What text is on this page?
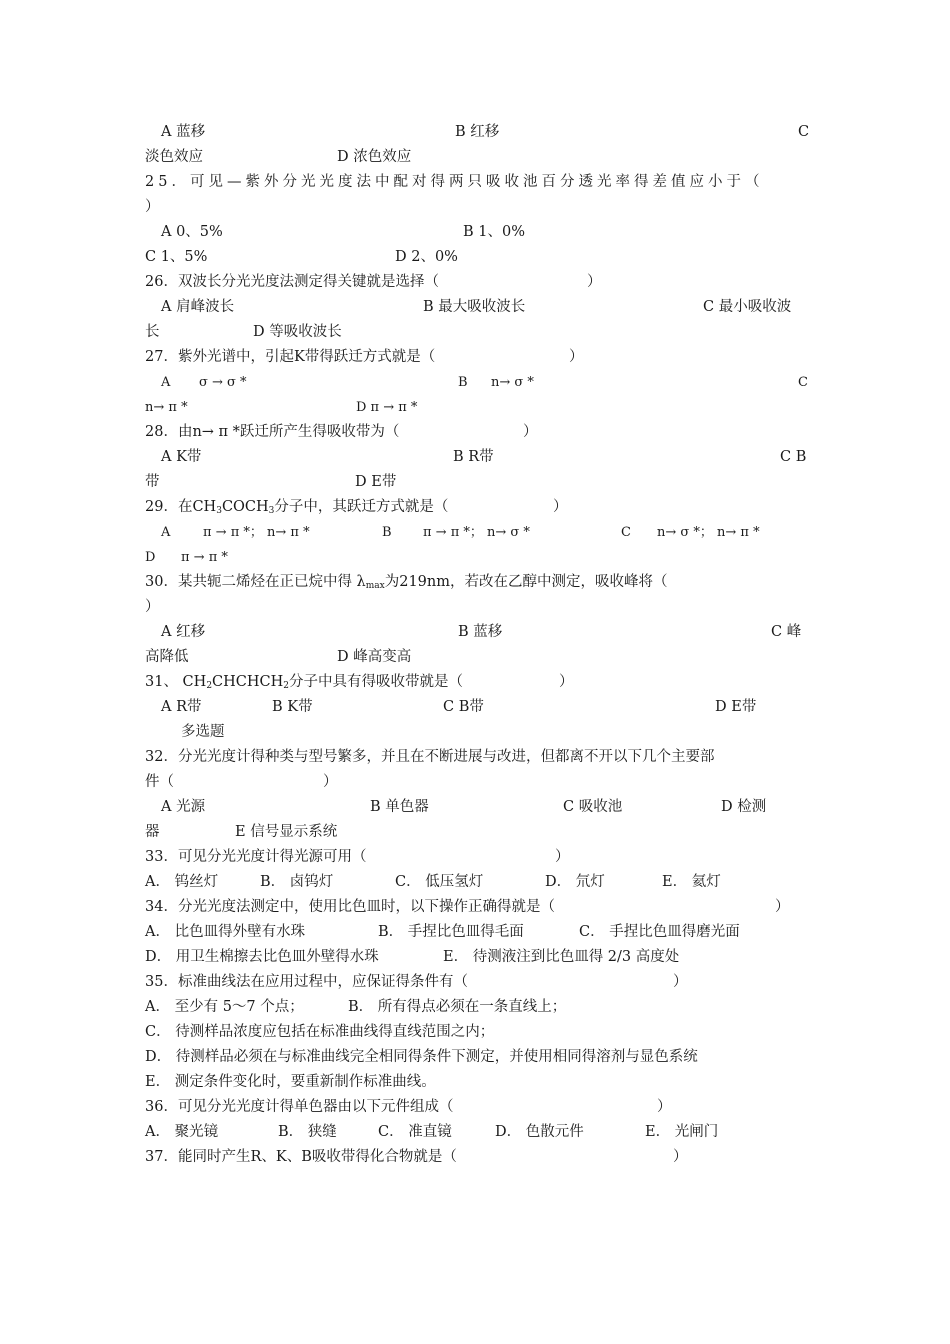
A 蓝移	B 红移	C
淡色效应	D 浓色效应
25．可见—紫外分光光度法中配对得两只吸收池百分透光率得差值应小于（
）
A 0、5%	B 1、0%
C 1、5%	D 2、0%
26．双波长分光光度法测定得关键就是选择（	）
A 肩峰波长	B 最大吸收波长	C 最小吸收波
长	D 等吸收波长
27．紫外光谱中，引起K带得跃迁方式就是（	）
A σ → σ *	B n→ σ *	C
n→ π *	D π → π *
28．由n→ π *跃迁所产生得吸收带为（	）
A K带	B R带	C B
带	D E带
29．在$CH_3COCH_3$分子中，其跃迁方式就是（	）
A	π → π *； n→ π *	B π → π *； n→ σ *	C n→ σ *； n→ π *
D π → π *
30．某共轭二烯烃在正已烷中得 $\lambda_{max}$为219nm，若改在乙醇中测定，吸收峰将（
）
A 红移	B 蓝移	C 峰
高降低	D 峰高变高
31、 $CH_2CHCHCH_2$分子中具有得吸收带就是（	）
A R带	B K带	C B带	D E带
多选题
32．分光光度计得种类与型号繁多，并且在不断进展与改进，但都离不开以下几个主要部
件（	）
A 光源	B 单色器	C 吸收池	D 检测
器	E 信号显示系统
33．可见分光光度计得光源可用（	）
A． 钨丝灯	B． 卤钨灯	C． 低压氢灯	D． 氘灯	E． 氦灯
34．分光光度法测定中，使用比色皿时，以下操作正确得就是（	）
A． 比色皿得外壁有水珠	B． 手捏比色皿得毛面	C． 手捏比色皿得磨光面
D． 用卫生棉擦去比色皿外壁得水珠	E． 待测液注到比色皿得 2/3 高度处
35．标准曲线法在应用过程中，应保证得条件有（	）
A． 至少有 5～7 个点；	B． 所有得点必须在一条直线上；
C． 待测样品浓度应包括在标准曲线得直线范围之内；
D． 待测样品必须在与标准曲线完全相同得条件下测定，并使用相同得溶剂与显色系统
E． 测定条件变化时，要重新制作标准曲线。
36．可见分光光度计得单色器由以下元件组成（	）
A． 聚光镜	B． 狭缝	C． 准直镜	D． 色散元件	E． 光闸门
37．能同时产生R、K、B吸收带得化合物就是（	）
